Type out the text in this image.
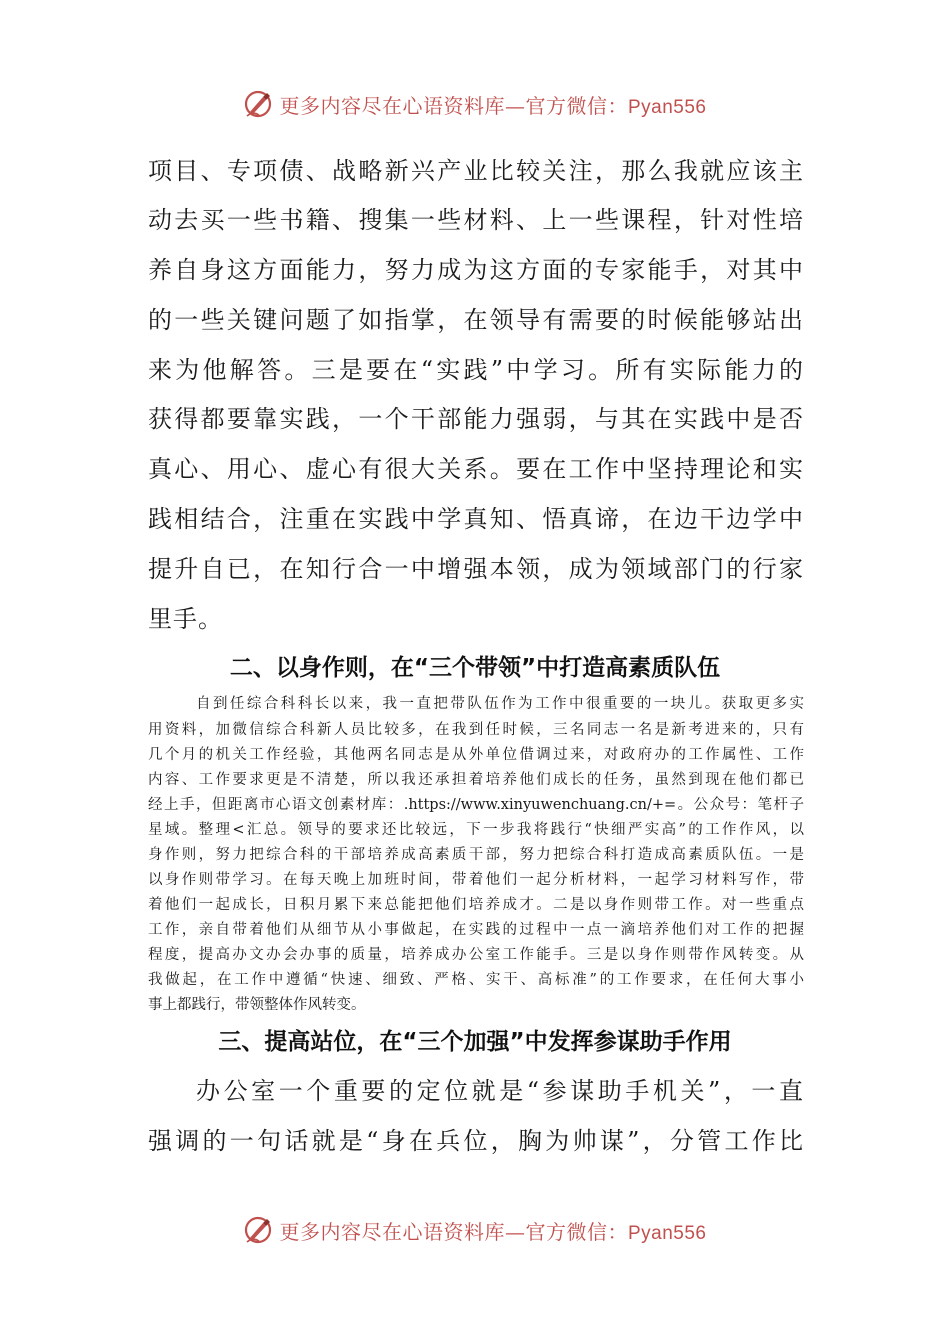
更多内容尽在心语资料库—官方微信：Pyan556
项目、专项债、战略新兴产业比较关注，那么我就应该主
动去买一些书籍、搜集一些材料、上一些课程，针对性培
养自身这方面能力，努力成为这方面的专家能手，对其中
的一些关键问题了如指掌，在领导有需要的时候能够站出
来为他解答。三是要在“实践”中学习。所有实际能力的
获得都要靠实践，一个干部能力强弱，与其在实践中是否
真心、用心、虚心有很大关系。要在工作中坚持理论和实
践相结合，注重在实践中学真知、悟真谛，在边干边学中
提升自已，在知行合一中增强本领，成为领域部门的行家
里手。
二、以身作则，在“三个带领”中打造高素质队伍
自到任综合科科长以来，我一直把带队伍作为工作中很重要的一块儿。获取更多实
用资料，加微信综合科新人员比较多，在我到任时候，三名同志一名是新考进来的，只有
几个月的机关工作经验，其他两名同志是从外单位借调过来，对政府办的工作属性、工作
内容、工作要求更是不清楚，所以我还承担着培养他们成长的任务，虽然到现在他们都已
经上手，但距离市心语文创素材库：.https://www.xinyuwenchuang.cn/+=。公众号：笔杆子
星域。整理<汇总。领导的要求还比较远，下一步我将践行“快细严实高”的工作作风，以
身作则，努力把综合科的干部培养成高素质干部，努力把综合科打造成高素质队伍。一是
以身作则带学习。在每天晚上加班时间，带着他们一起分析材料，一起学习材料写作，带
着他们一起成长，日积月累下来总能把他们培养成才。二是以身作则带工作。对一些重点
工作，亲自带着他们从细节从小事做起，在实践的过程中一点一滴培养他们对工作的把握
程度，提高办文办会办事的质量，培养成办公室工作能手。三是以身作则带作风转变。从
我做起，在工作中遵循“快速、细致、严格、实干、高标准”的工作要求，在任何大事小
事上都践行，带领整体作风转变。
三、提高站位，在“三个加强”中发挥参谋助手作用
办公室一个重要的定位就是“参谋助手机关”，一直
强调的一句话就是“身在兵位，胸为帅谋”，分管工作比
更多内容尽在心语资料库—官方微信：Pyan556
